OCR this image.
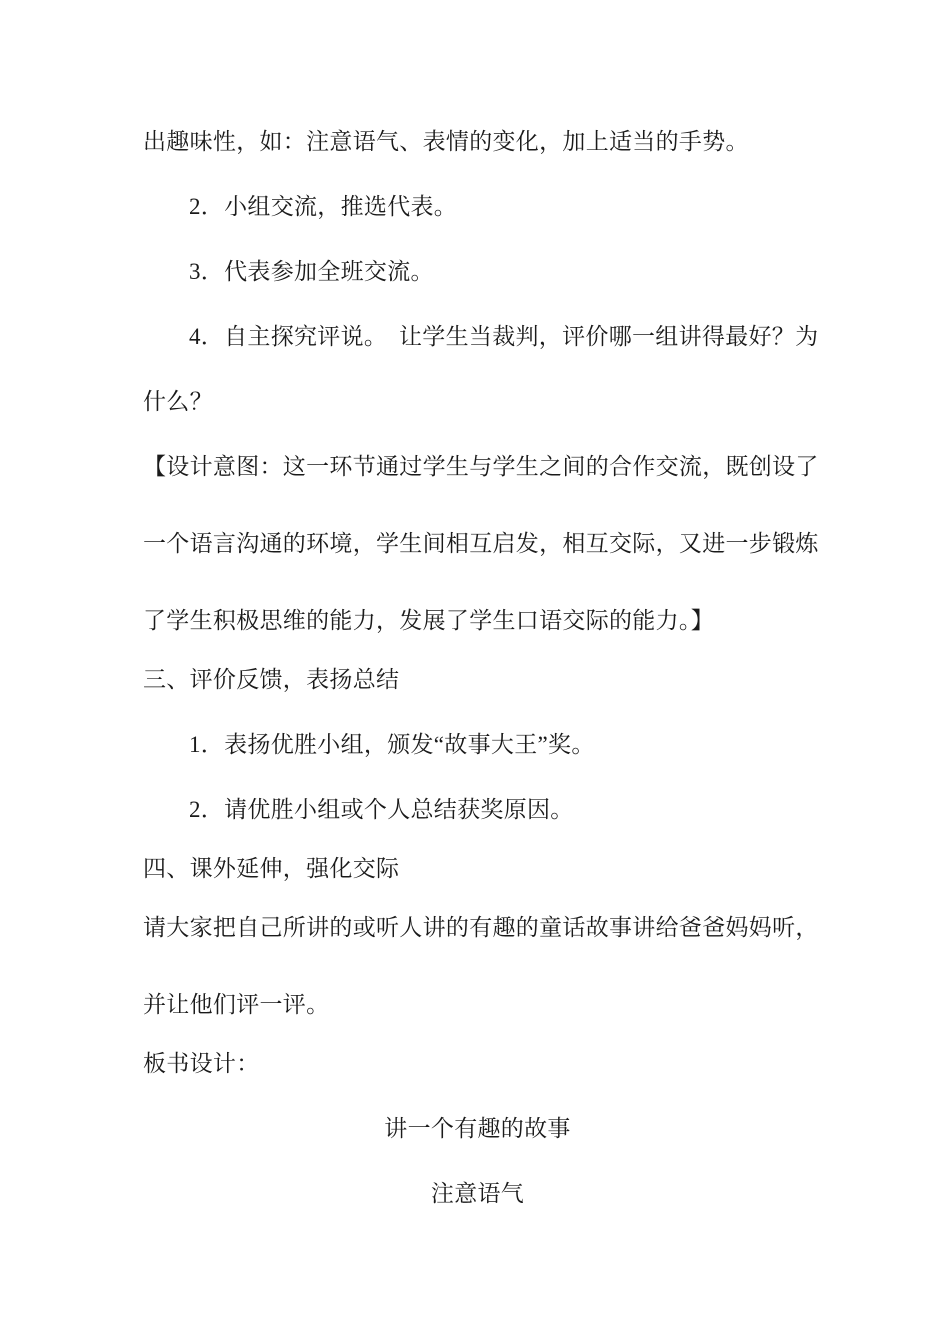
出趣味性，如：注意语气、表情的变化，加上适当的手势。
2．小组交流，推选代表。
3．代表参加全班交流。
4．自主探究评说。　让学生当裁判，评价哪一组讲得最好？为
什么？
【设计意图：这一环节通过学生与学生之间的合作交流，既创设了
一个语言沟通的环境，学生间相互启发，相互交际，又进一步锻炼
了学生积极思维的能力，发展了学生口语交际的能力。】
三、评价反馈，表扬总结
1．表扬优胜小组，颁发“故事大王”奖。
2．请优胜小组或个人总结获奖原因。
四、课外延伸，强化交际
请大家把自己所讲的或听人讲的有趣的童话故事讲给爸爸妈妈听，
并让他们评一评。
板书设计：
讲一个有趣的故事
注意语气
